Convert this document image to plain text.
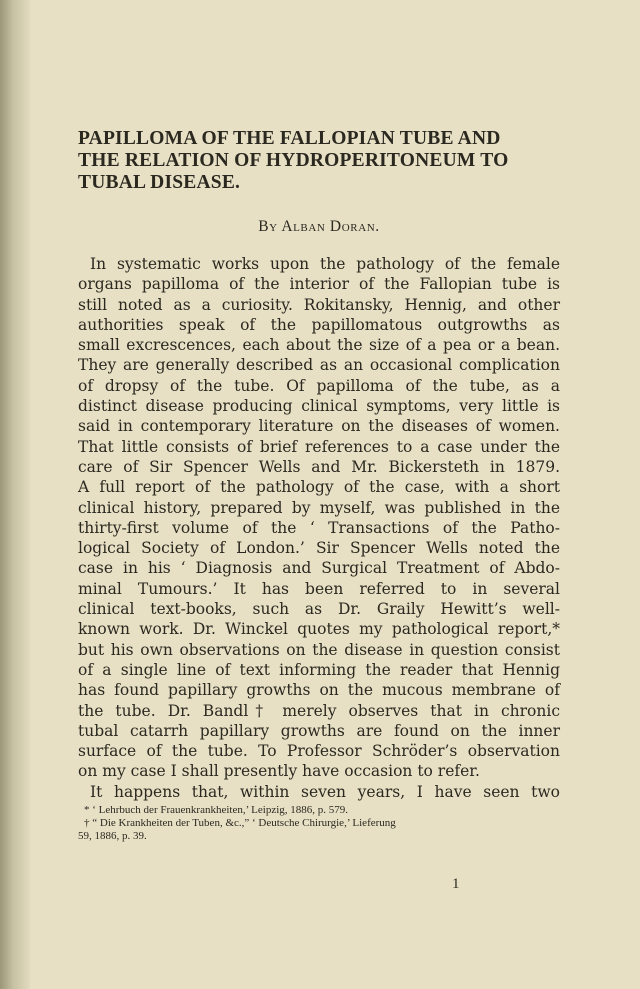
PAPILLOMA OF THE FALLOPIAN TUBE AND
THE RELATION OF HYDROPERITONEUM TO
TUBAL DISEASE.
By Alban Doran.
In systematic works upon the pathology of the female
organs papilloma of the interior of the Fallopian tube is
still noted as a curiosity. Rokitansky, Hennig, and other
authorities speak of the papillomatous outgrowths as
small excrescences, each about the size of a pea or a bean.
They are generally described as an occasional complication
of dropsy of the tube. Of papilloma of the tube, as a
distinct disease producing clinical symptoms, very little is
said in contemporary literature on the diseases of women.
That little consists of brief references to a case under the
care of Sir Spencer Wells and Mr. Bickersteth in 1879.
A full report of the pathology of the case, with a short
clinical history, prepared by myself, was published in the
thirty-first volume of the ‘ Transactions of the Patho-
logical Society of London.’ Sir Spencer Wells noted the
case in his ‘ Diagnosis and Surgical Treatment of Abdo-
minal Tumours.’ It has been referred to in several
clinical text-books, such as Dr. Graily Hewitt’s well-
known work. Dr. Winckel quotes my pathological report,*
but his own observations on the disease in question consist
of a single line of text informing the reader that Hennig
has found papillary growths on the mucous membrane of
the tube. Dr. Bandl† merely observes that in chronic
tubal catarrh papillary growths are found on the inner
surface of the tube. To Professor Schröder’s observation
on my case I shall presently have occasion to refer.
It happens that, within seven years, I have seen two
* ‘ Lehrbuch der Frauenkrankheiten,’ Leipzig, 1886, p. 579.
† “ Die Krankheiten der Tuben, &c.,” ‘ Deutsche Chirurgie,’ Lieferung
59, 1886, p. 39.
1
